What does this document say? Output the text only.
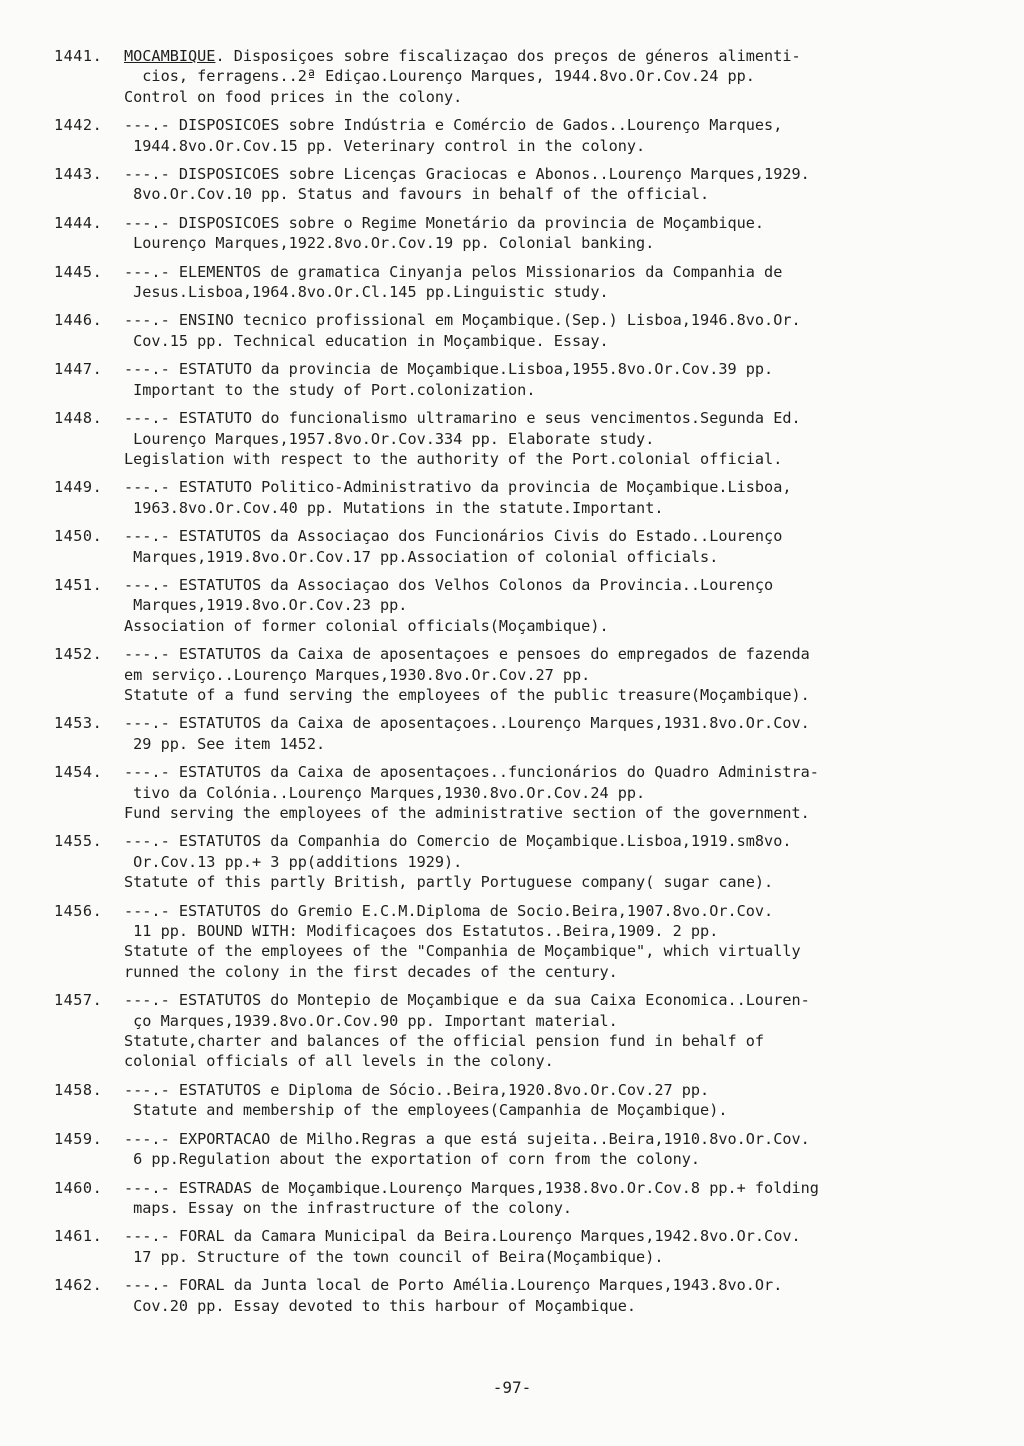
1441.	MOCAMBIQUE. Disposiçoes sobre fiscalizaçao dos preços de géneros alimenti-
cios, ferragens..2ª Ediçao.Lourenço Marques, 1944.8vo.Or.Cov.24 pp.
Control on food prices in the colony.
1442.	---.- DISPOSICOES sobre Indústria e Comércio de Gados..Lourenço Marques,
1944.8vo.Or.Cov.15 pp. Veterinary control in the colony.
1443.	---.- DISPOSICOES sobre Licenças Graciocas e Abonos..Lourenço Marques,1929.
8vo.Or.Cov.10 pp. Status and favours in behalf of the official.
1444.	---.- DISPOSICOES sobre o Regime Monetário da provincia de Moçambique.
Lourenço Marques,1922.8vo.Or.Cov.19 pp. Colonial banking.
1445.	---.- ELEMENTOS de gramatica Cinyanja pelos Missionarios da Companhia de
Jesus.Lisboa,1964.8vo.Or.Cl.145 pp.Linguistic study.
1446.	---.- ENSINO tecnico profissional em Moçambique.(Sep.) Lisboa,1946.8vo.Or.
Cov.15 pp. Technical education in Moçambique. Essay.
1447.	---.- ESTATUTO da provincia de Moçambique.Lisboa,1955.8vo.Or.Cov.39 pp.
Important to the study of Port.colonization.
1448.	---.- ESTATUTO do funcionalismo ultramarino e seus vencimentos.Segunda Ed.
Lourenço Marques,1957.8vo.Or.Cov.334 pp. Elaborate study.
Legislation with respect to the authority of the Port.colonial official.
1449.	---.- ESTATUTO Politico-Administrativo da provincia de Moçambique.Lisboa,
1963.8vo.Or.Cov.40 pp. Mutations in the statute.Important.
1450.	---.- ESTATUTOS da Associaçao dos Funcionários Civis do Estado..Lourenço
Marques,1919.8vo.Or.Cov.17 pp.Association of colonial officials.
1451.	---.- ESTATUTOS da Associaçao dos Velhos Colonos da Provincia..Lourenço
Marques,1919.8vo.Or.Cov.23 pp.
Association of former colonial officials(Moçambique).
1452.	---.- ESTATUTOS da Caixa de aposentaçoes e pensoes do empregados de fazenda
em serviço..Lourenço Marques,1930.8vo.Or.Cov.27 pp.
Statute of a fund serving the employees of the public treasure(Moçambique).
1453.	---.- ESTATUTOS da Caixa de aposentaçoes..Lourenço Marques,1931.8vo.Or.Cov.
29 pp. See item 1452.
1454.	---.- ESTATUTOS da Caixa de aposentaçoes..funcionários do Quadro Administra-
tivo da Colónia..Lourenço Marques,1930.8vo.Or.Cov.24 pp.
Fund serving the employees of the administrative section of the government.
1455.	---.- ESTATUTOS da Companhia do Comercio de Moçambique.Lisboa,1919.sm8vo.
Or.Cov.13 pp.+ 3 pp(additions 1929).
Statute of this partly British, partly Portuguese company( sugar cane).
1456.	---.- ESTATUTOS do Gremio E.C.M.Diploma de Socio.Beira,1907.8vo.Or.Cov.
11 pp. BOUND WITH: Modificaçoes dos Estatutos..Beira,1909. 2 pp.
Statute of the employees of the "Companhia de Moçambique", which virtually
runned the colony in the first decades of the century.
1457.	---.- ESTATUTOS do Montepio de Moçambique e da sua Caixa Economica..Louren-
ço Marques,1939.8vo.Or.Cov.90 pp. Important material.
Statute,charter and balances of the official pension fund in behalf of
colonial officials of all levels in the colony.
1458.	---.- ESTATUTOS e Diploma de Sócio..Beira,1920.8vo.Or.Cov.27 pp.
Statute and membership of the employees(Campanhia de Moçambique).
1459.	---.- EXPORTACAO de Milho.Regras a que está sujeita..Beira,1910.8vo.Or.Cov.
6 pp.Regulation about the exportation of corn from the colony.
1460.	---.- ESTRADAS de Moçambique.Lourenço Marques,1938.8vo.Or.Cov.8 pp.+ folding
maps. Essay on the infrastructure of the colony.
1461.	---.- FORAL da Camara Municipal da Beira.Lourenço Marques,1942.8vo.Or.Cov.
17 pp. Structure of the town council of Beira(Moçambique).
1462.	---.- FORAL da Junta local de Porto Amélia.Lourenço Marques,1943.8vo.Or.
Cov.20 pp. Essay devoted to this harbour of Moçambique.
-97-
